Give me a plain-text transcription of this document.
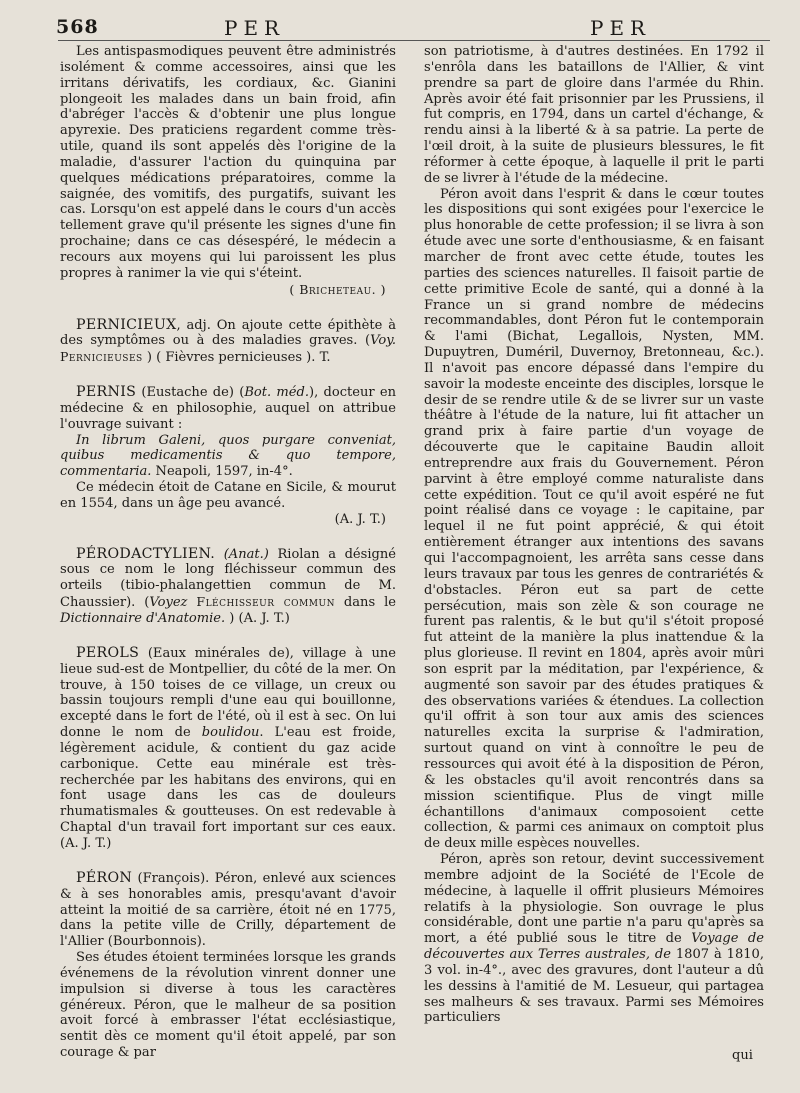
568	PER	PER

Les antispasmodiques peuvent être administrés isolément & comme accessoires, ainsi que les irritans dérivatifs, les cordiaux, &c. Gianini plongeoit les malades dans un bain froid, afin d'abréger l'accès & d'obtenir une plus longue apyrexie. Des praticiens regardent comme très-utile, quand ils sont appelés dès l'origine de la maladie, d'assurer l'action du quinquina par quelques médications préparatoires, comme la saignée, des vomitifs, des purgatifs, suivant les cas. Lorsqu'on est appelé dans le cours d'un accès tellement grave qu'il présente les signes d'une fin prochaine; dans ce cas désespéré, le médecin a recours aux moyens qui lui paroissent les plus propres à ranimer la vie qui s'éteint.

( Bricheteau. )

PERNICIEUX, adj. On ajoute cette épithète à des symptômes ou à des maladies graves. (Voy. Pernicieuses ) ( Fièvres pernicieuses ). T.

PERNIS (Eustache de) (Bot. méd.), docteur en médecine & en philosophie, auquel on attribue l'ouvrage suivant :

In librum Galeni, quos purgare conveniat, quibus medicamentis & quo tempore, commentaria. Neapoli, 1597, in-4°.

Ce médecin étoit de Catane en Sicile, & mourut en 1554, dans un âge peu avancé.

(A. J. T.)

PÉRODACTYLIEN. (Anat.) Riolan a désigné sous ce nom le long fléchisseur commun des orteils (tibio-phalangettien commun de M. Chaussier). (Voyez Fléchisseur commun dans le Dictionnaire d'Anatomie. ) (A. J. T.)

PEROLS (Eaux minérales de), village à une lieue sud-est de Montpellier, du côté de la mer. On trouve, à 150 toises de ce village, un creux ou bassin toujours rempli d'une eau qui bouillonne, excepté dans le fort de l'été, où il est à sec. On lui donne le nom de boulidou. L'eau est froide, légèrement acidule, & contient du gaz acide carbonique. Cette eau minérale est très-recherchée par les habitans des environs, qui en font usage dans les cas de douleurs rhumatismales & goutteuses. On est redevable à Chaptal d'un travail fort important sur ces eaux. (A. J. T.)

PÉRON (François). Péron, enlevé aux sciences & à ses honorables amis, presqu'avant d'avoir atteint la moitié de sa carrière, étoit né en 1775, dans la petite ville de Crilly, département de l'Allier (Bourbonnois).

Ses études étoient terminées lorsque les grands événemens de la révolution vinrent donner une impulsion si diverse à tous les caractères généreux. Péron, que le malheur de sa position avoit forcé à embrasser l'état ecclésiastique, sentit dès ce moment qu'il étoit appelé, par son courage & par

son patriotisme, à d'autres destinées. En 1792 il s'enrôla dans les bataillons de l'Allier, & vint prendre sa part de gloire dans l'armée du Rhin. Après avoir été fait prisonnier par les Prussiens, il fut compris, en 1794, dans un cartel d'échange, & rendu ainsi à la liberté & à sa patrie. La perte de l'œil droit, à la suite de plusieurs blessures, le fit réformer à cette époque, à laquelle il prit le parti de se livrer à l'étude de la médecine.

Péron avoit dans l'esprit & dans le cœur toutes les dispositions qui sont exigées pour l'exercice le plus honorable de cette profession; il se livra à son étude avec une sorte d'enthousiasme, & en faisant marcher de front avec cette étude, toutes les parties des sciences naturelles. Il faisoit partie de cette primitive Ecole de santé, qui a donné à la France un si grand nombre de médecins recommandables, dont Péron fut le contemporain & l'ami (Bichat, Legallois, Nysten, MM. Dupuytren, Duméril, Duvernoy, Bretonneau, &c.). Il n'avoit pas encore dépassé dans l'empire du savoir la modeste enceinte des disciples, lorsque le desir de se rendre utile & de se livrer sur un vaste théâtre à l'étude de la nature, lui fit attacher un grand prix à faire partie d'un voyage de découverte que le capitaine Baudin alloit entreprendre aux frais du Gouvernement. Péron parvint à être employé comme naturaliste dans cette expédition. Tout ce qu'il avoit espéré ne fut point réalisé dans ce voyage : le capitaine, par lequel il ne fut point apprécié, & qui étoit entièrement étranger aux intentions des savans qui l'accompagnoient, les arrêta sans cesse dans leurs travaux par tous les genres de contrariétés & d'obstacles. Péron eut sa part de cette persécution, mais son zèle & son courage ne furent pas ralentis, & le but qu'il s'étoit proposé fut atteint de la manière la plus inattendue & la plus glorieuse. Il revint en 1804, après avoir mûri son esprit par la méditation, par l'expérience, & augmenté son savoir par des études pratiques & des observations variées & étendues. La collection qu'il offrit à son tour aux amis des sciences naturelles excita la surprise & l'admiration, surtout quand on vint à connoître le peu de ressources qui avoit été à la disposition de Péron, & les obstacles qu'il avoit rencontrés dans sa mission scientifique. Plus de vingt mille échantillons d'animaux composoient cette collection, & parmi ces animaux on comptoit plus de deux mille espèces nouvelles.

Péron, après son retour, devint successivement membre adjoint de la Société de l'Ecole de médecine, à laquelle il offrit plusieurs Mémoires relatifs à la physiologie. Son ouvrage le plus considérable, dont une partie n'a paru qu'après sa mort, a été publié sous le titre de Voyage de découvertes aux Terres australes, de 1807 à 1810, 3 vol. in-4°., avec des gravures, dont l'auteur a dû les dessins à l'amitié de M. Lesueur, qui partagea ses malheurs & ses travaux. Parmi ses Mémoires particuliers

qui
